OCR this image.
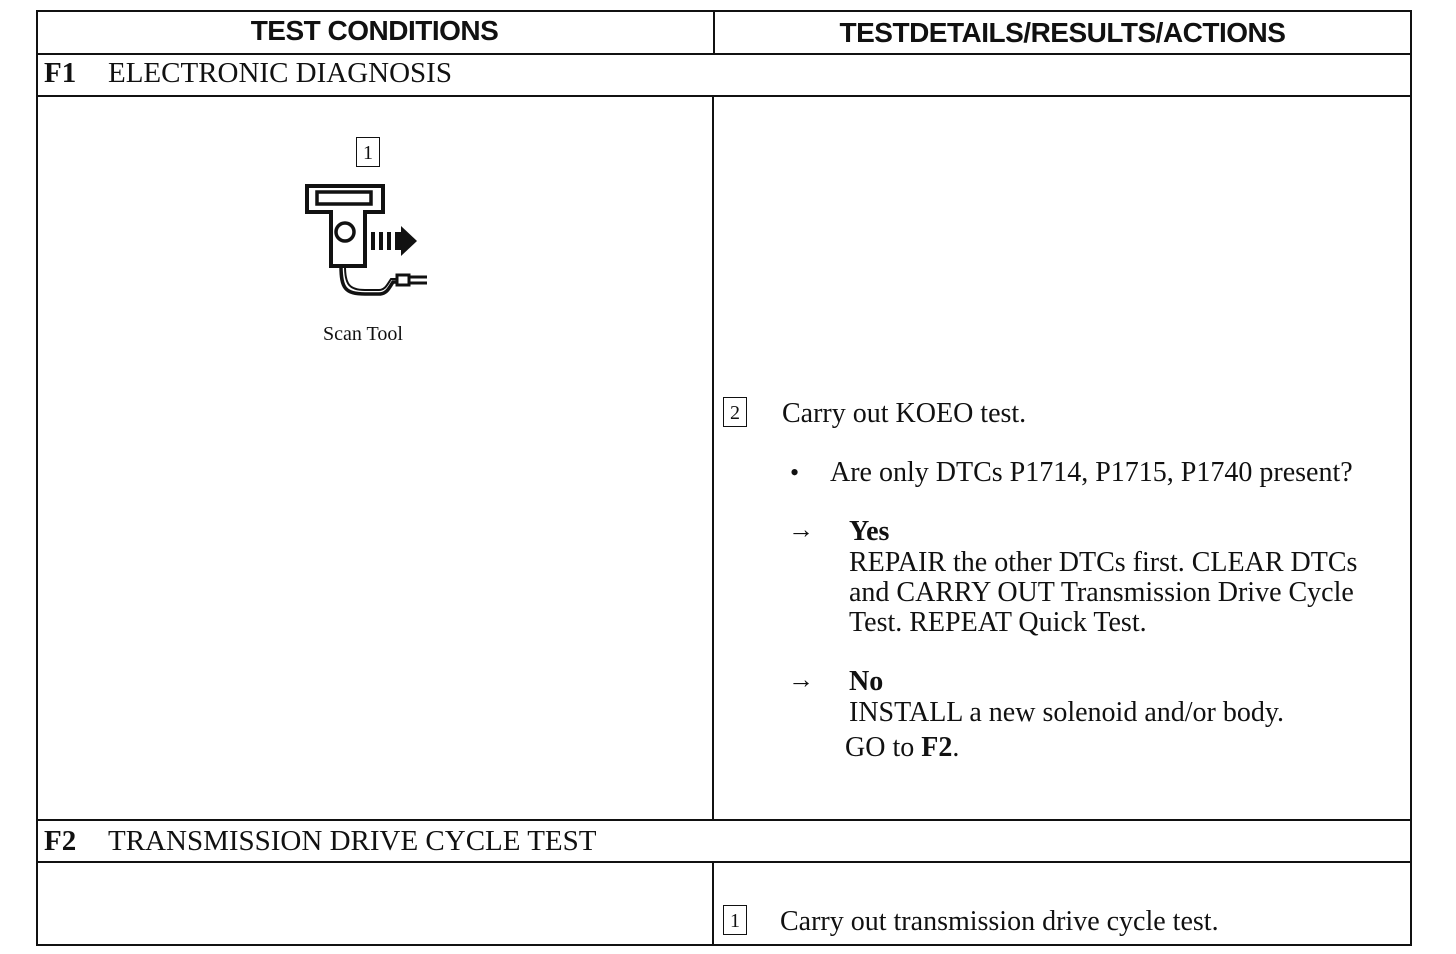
TEST CONDITIONS	TESTDETAILS/RESULTS/ACTIONS
F1 ELECTRONIC DIAGNOSIS
1
Scan Tool
2 Carry out KOEO test.
• Are only DTCs P1714, P1715, P1740 present?
→ Yes
REPAIR the other DTCs first. CLEAR DTCs
and CARRY OUT Transmission Drive Cycle
Test. REPEAT Quick Test.
→ No
INSTALL a new solenoid and/or body.
GO to F2.
F2 TRANSMISSION DRIVE CYCLE TEST
1 Carry out transmission drive cycle test.
